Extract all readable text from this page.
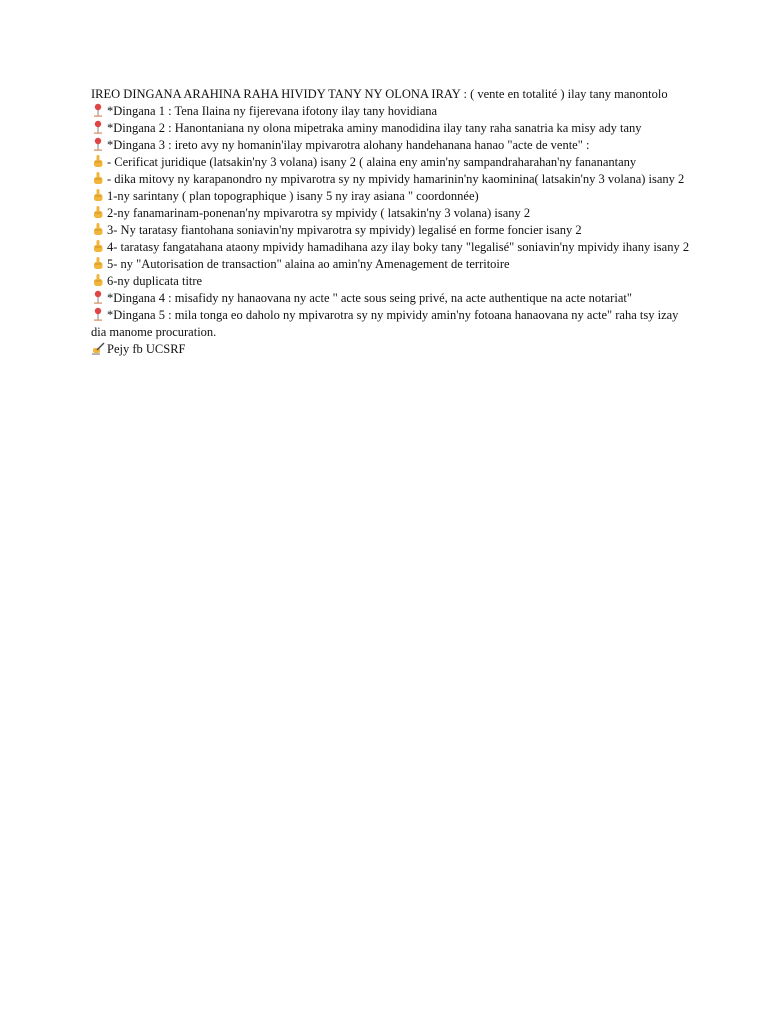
IREO DINGANA ARAHINA RAHA HIVIDY TANY NY OLONA IRAY : ( vente en totalité ) ilay tany manontolo

*Dingana 1 : Tena Ilaina ny fijerevana ifotony ilay tany hovidiana
*Dingana 2 : Hanontaniana ny olona mipetraka aminy manodidina ilay tany raha sanatria ka misy ady tany
*Dingana 3 : ireto avy ny homanin'ilay mpivarotra alohany handehanana hanao "acte de vente" :
- Cerificat juridique (latsakin'ny 3 volana) isany 2 ( alaina eny amin'ny sampandraharahan'ny fananantany
- dika mitovy ny karapanondro ny mpivarotra sy ny mpividy hamarinin'ny kaominina( latsakin'ny 3 volana) isany 2
1-ny sarintany ( plan topographique ) isany 5 ny iray asiana " coordonnée)
2-ny fanamarinam-ponenan'ny mpivarotra sy mpividy ( latsakin'ny 3 volana) isany 2
3- Ny taratasy fiantohana soniavin'ny mpivarotra sy mpividy) legalisé en forme foncier isany 2
4- taratasy fangatahana ataony mpividy hamadihana azy ilay boky tany "legalisé" soniavin'ny mpividy ihany isany 2
5- ny "Autorisation de transaction" alaina ao amin'ny Amenagement de territoire
6-ny duplicata titre
*Dingana 4 : misafidy ny hanaovana ny acte " acte sous seing privé, na acte authentique na acte notariat"
*Dingana 5 : mila tonga eo daholo ny mpivarotra sy ny mpividy amin'ny fotoana hanaovana ny acte" raha tsy izay dia manome procuration.
Pejy fb UCSRF
